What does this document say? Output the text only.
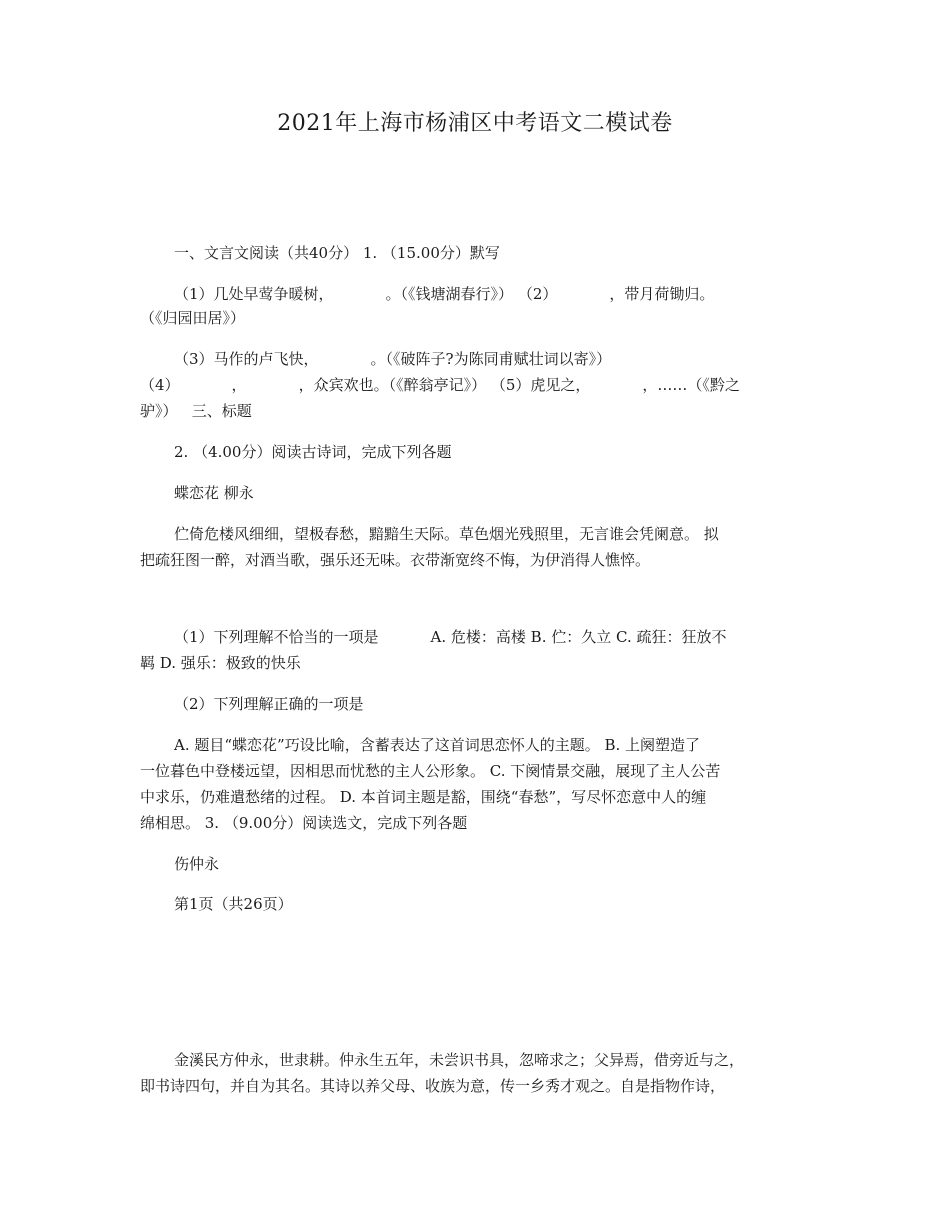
2021年上海市杨浦区中考语文二模试卷

一、文言文阅读（共40分） 1. （15.00分）默写

（1）几处早莺争暖树，	。（《钱塘湖春行》） （2）	，带月荷锄归。

（《归园田居》）

（3）马作的卢飞快，	。（《破阵子?为陈同甫赋壮词以寄》）

（4）	，	，众宾欢也。（《醉翁亭记》） （5）虎见之，	，……（《黔之

驴》）   三、标题

2. （4.00分）阅读古诗词，完成下列各题

蝶恋花 柳永

伫倚危楼风细细，望极春愁，黯黯生天际。草色烟光残照里，无言谁会凭阑意。 拟

把疏狂图一醉，对酒当歌，强乐还无味。衣带渐宽终不悔，为伊消得人憔悴。

（1）下列理解不恰当的一项是	A. 危楼：高楼 B. 伫：久立 C. 疏狂：狂放不

羁 D. 强乐：极致的快乐

（2）下列理解正确的一项是

A. 题目“蝶恋花”巧设比喻，含蓄表达了这首词思恋怀人的主题。 B. 上阕塑造了

一位暮色中登楼远望，因相思而忧愁的主人公形象。 C. 下阕情景交融，展现了主人公苦

中求乐，仍难遣愁绪的过程。 D. 本首词主题是豁，围绕“春愁”，写尽怀恋意中人的缠

绵相思。 3. （9.00分）阅读选文，完成下列各题

伤仲永

第1页（共26页）

金溪民方仲永，世隶耕。仲永生五年，未尝识书具，忽啼求之；父异焉，借旁近与之，

即书诗四句，并自为其名。其诗以养父母、收族为意，传一乡秀才观之。自是指物作诗，
